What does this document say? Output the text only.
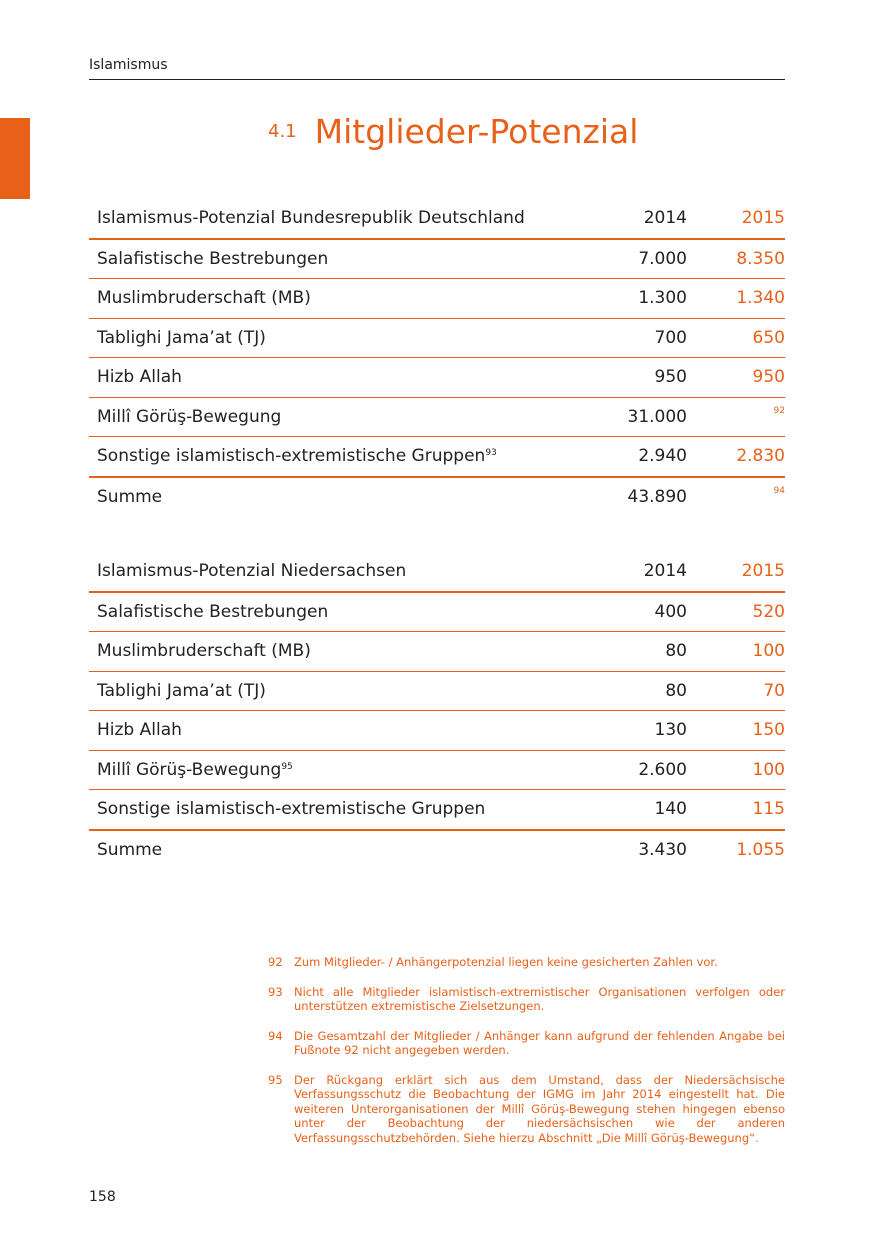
Islamismus
4.1 Mitglieder-Potenzial
Islamismus-Potenzial Bundesrepublik Deutschland	2014	2015
Salafistische Bestrebungen	7.000	8.350
Muslimbruderschaft (MB)	1.300	1.340
Tablighi Jama’at (TJ)	700	650
Hizb Allah	950	950
Millî Görüş-Bewegung	31.000	$^{92}$
Sonstige islamistisch-extremistische Gruppen$^{93}$	2.940	2.830
Summe	43.890	$^{94}$
Islamismus-Potenzial Niedersachsen	2014	2015
Salafistische Bestrebungen	400	520
Muslimbruderschaft (MB)	80	100
Tablighi Jama’at (TJ)	80	70
Hizb Allah	130	150
Millî Görüş-Bewegung$^{95}$	2.600	100
Sonstige islamistisch-extremistische Gruppen	140	115
Summe	3.430	1.055
92 Zum Mitglieder- / Anhängerpotenzial liegen keine gesicherten Zahlen vor.
93 Nicht alle Mitglieder islamistisch-extremistischer Organisationen verfolgen oder unterstützen extremistische Zielsetzungen.
94 Die Gesamtzahl der Mitglieder / Anhänger kann aufgrund der fehlenden Angabe bei Fußnote 92 nicht angegeben werden.
95 Der Rückgang erklärt sich aus dem Umstand, dass der Niedersächsische Verfassungsschutz die Beobachtung der IGMG im Jahr 2014 eingestellt hat. Die weiteren Unterorganisationen der Millî Görüş-Bewegung stehen hingegen ebenso unter der Beobachtung der niedersächsischen wie der anderen Verfassungsschutzbehörden. Siehe hierzu Abschnitt „Die Millî Görüş-Bewegung“.
158
